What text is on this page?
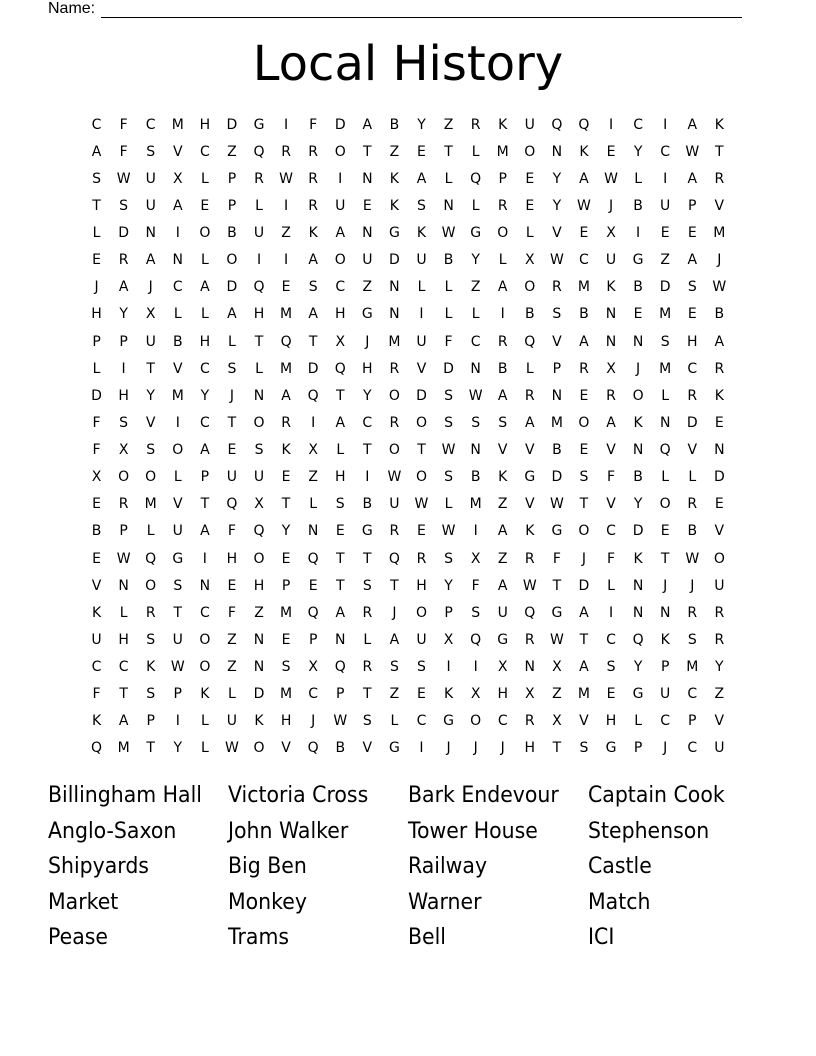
Name:
Local History
C	F	C	M	H	D	G	I	F	D	A	B	Y	Z	R	K	U	Q	Q	I	C	I	A	K
A	F	S	V	C	Z	Q	R	R	O	T	Z	E	T	L	M	O	N	K	E	Y	C	W	T
S	W	U	X	L	P	R	W	R	I	N	K	A	L	Q	P	E	Y	A	W	L	I	A	R
T	S	U	A	E	P	L	I	R	U	E	K	S	N	L	R	E	Y	W	J	B	U	P	V
L	D	N	I	O	B	U	Z	K	A	N	G	K	W	G	O	L	V	E	X	I	E	E	M
E	R	A	N	L	O	I	I	A	O	U	D	U	B	Y	L	X	W	C	U	G	Z	A	J
J	A	J	C	A	D	Q	E	S	C	Z	N	L	L	Z	A	O	R	M	K	B	D	S	W
H	Y	X	L	L	A	H	M	A	H	G	N	I	L	L	I	B	S	B	N	E	M	E	B
P	P	U	B	H	L	T	Q	T	X	J	M	U	F	C	R	Q	V	A	N	N	S	H	A
L	I	T	V	C	S	L	M	D	Q	H	R	V	D	N	B	L	P	R	X	J	M	C	R
D	H	Y	M	Y	J	N	A	Q	T	Y	O	D	S	W	A	R	N	E	R	O	L	R	K
F	S	V	I	C	T	O	R	I	A	C	R	O	S	S	S	A	M	O	A	K	N	D	E
F	X	S	O	A	E	S	K	X	L	T	O	T	W	N	V	V	B	E	V	N	Q	V	N
X	O	O	L	P	U	U	E	Z	H	I	W	O	S	B	K	G	D	S	F	B	L	L	D
E	R	M	V	T	Q	X	T	L	S	B	U	W	L	M	Z	V	W	T	V	Y	O	R	E
B	P	L	U	A	F	Q	Y	N	E	G	R	E	W	I	A	K	G	O	C	D	E	B	V
E	W	Q	G	I	H	O	E	Q	T	T	Q	R	S	X	Z	R	F	J	F	K	T	W	O
V	N	O	S	N	E	H	P	E	T	S	T	H	Y	F	A	W	T	D	L	N	J	J	U
K	L	R	T	C	F	Z	M	Q	A	R	J	O	P	S	U	Q	G	A	I	N	N	R	R
U	H	S	U	O	Z	N	E	P	N	L	A	U	X	Q	G	R	W	T	C	Q	K	S	R
C	C	K	W	O	Z	N	S	X	Q	R	S	S	I	I	X	N	X	A	S	Y	P	M	Y
F	T	S	P	K	L	D	M	C	P	T	Z	E	K	X	H	X	Z	M	E	G	U	C	Z
K	A	P	I	L	U	K	H	J	W	S	L	C	G	O	C	R	X	V	H	L	C	P	V
Q	M	T	Y	L	W	O	V	Q	B	V	G	I	J	J	J	H	T	S	G	P	J	C	U
Billingham Hall	Victoria Cross	Bark Endevour	Captain Cook
Anglo-Saxon	John Walker	Tower House	Stephenson
Shipyards	Big Ben	Railway	Castle
Market	Monkey	Warner	Match
Pease	Trams	Bell	ICI
